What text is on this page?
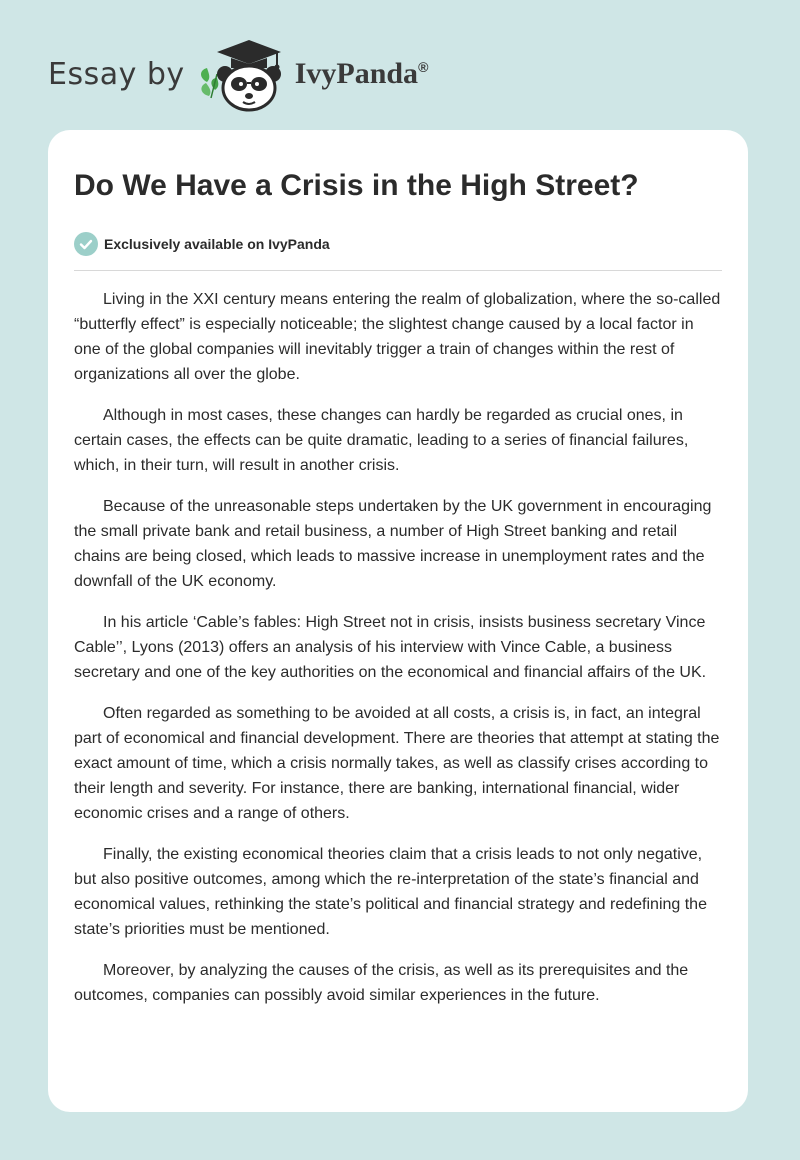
Essay by	IvyPanda®
Do We Have a Crisis in the High Street?
Exclusively available on IvyPanda

Living in the XXI century means entering the realm of globalization, where the so-called “butterfly effect” is especially noticeable; the slightest change caused by a local factor in one of the global companies will inevitably trigger a train of changes within the rest of organizations all over the globe.

Although in most cases, these changes can hardly be regarded as crucial ones, in certain cases, the effects can be quite dramatic, leading to a series of financial failures, which, in their turn, will result in another crisis.

Because of the unreasonable steps undertaken by the UK government in encouraging the small private bank and retail business, a number of High Street banking and retail chains are being closed, which leads to massive increase in unemployment rates and the downfall of the UK economy.

In his article ‘Cable’s fables: High Street not in crisis, insists business secretary Vince Cable’’, Lyons (2013) offers an analysis of his interview with Vince Cable, a business secretary and one of the key authorities on the economical and financial affairs of the UK.

Often regarded as something to be avoided at all costs, a crisis is, in fact, an integral part of economical and financial development. There are theories that attempt at stating the exact amount of time, which a crisis normally takes, as well as classify crises according to their length and severity. For instance, there are banking, international financial, wider economic crises and a range of others.

Finally, the existing economical theories claim that a crisis leads to not only negative, but also positive outcomes, among which the re-interpretation of the state’s financial and economical values, rethinking the state’s political and financial strategy and redefining the state’s priorities must be mentioned.

Moreover, by analyzing the causes of the crisis, as well as its prerequisites and the outcomes, companies can possibly avoid similar experiences in the future.
